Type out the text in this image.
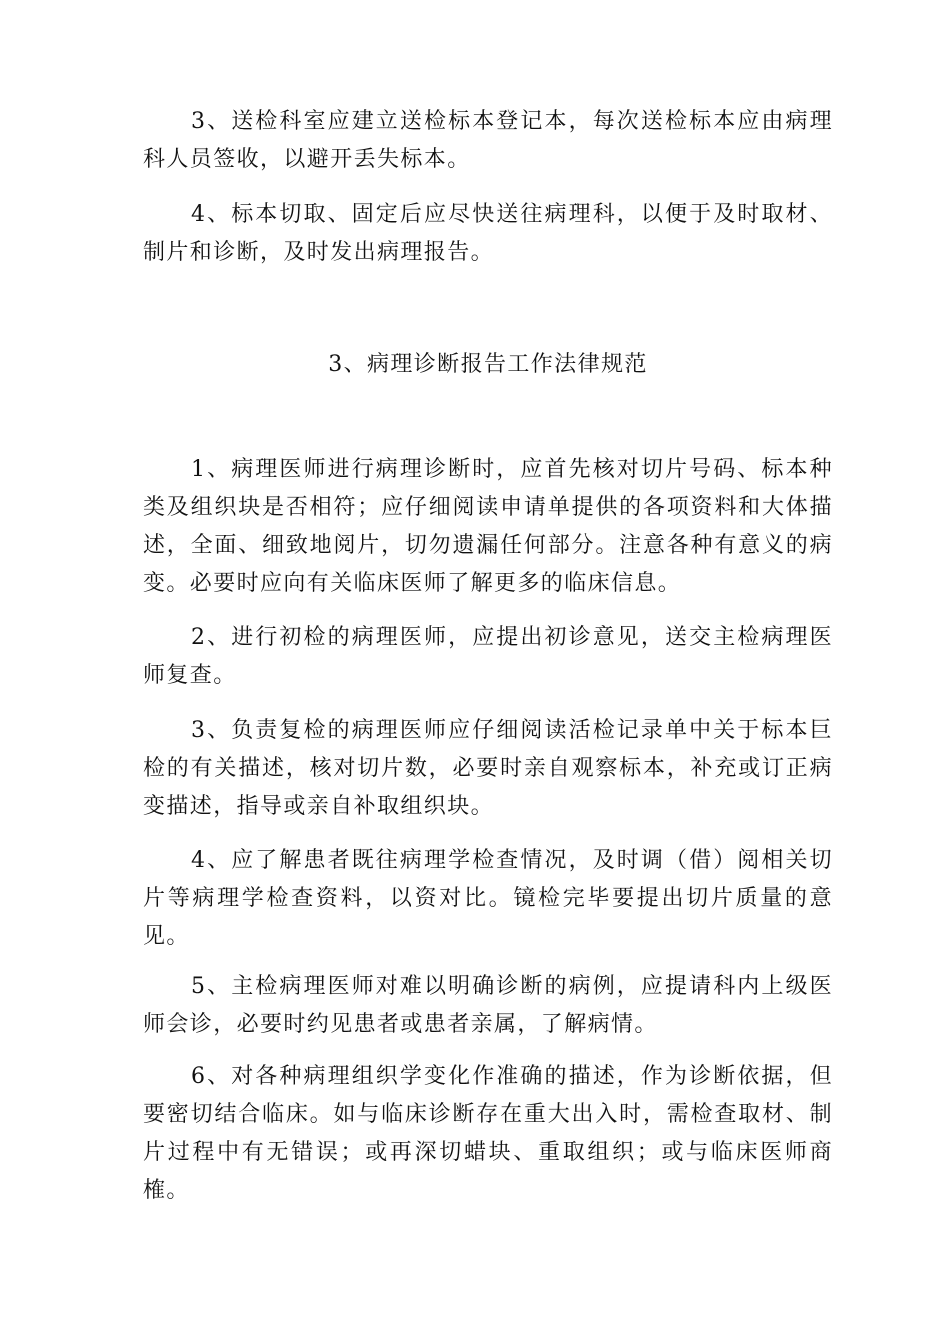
3、送检科室应建立送检标本登记本，每次送检标本应由病理科人员签收，以避开丢失标本。

4、标本切取、固定后应尽快送往病理科，以便于及时取材、制片和诊断，及时发出病理报告。

3、病理诊断报告工作法律规范

1、病理医师进行病理诊断时，应首先核对切片号码、标本种类及组织块是否相符；应仔细阅读申请单提供的各项资料和大体描述，全面、细致地阅片，切勿遗漏任何部分。注意各种有意义的病变。必要时应向有关临床医师了解更多的临床信息。

2、进行初检的病理医师，应提出初诊意见，送交主检病理医师复查。

3、负责复检的病理医师应仔细阅读活检记录单中关于标本巨检的有关描述，核对切片数，必要时亲自观察标本，补充或订正病变描述，指导或亲自补取组织块。

4、应了解患者既往病理学检查情况，及时调（借）阅相关切片等病理学检查资料，以资对比。镜检完毕要提出切片质量的意见。

5、主检病理医师对难以明确诊断的病例，应提请科内上级医师会诊，必要时约见患者或患者亲属，了解病情。

6、对各种病理组织学变化作准确的描述，作为诊断依据，但要密切结合临床。如与临床诊断存在重大出入时，需检查取材、制片过程中有无错误；或再深切蜡块、重取组织；或与临床医师商榷。
